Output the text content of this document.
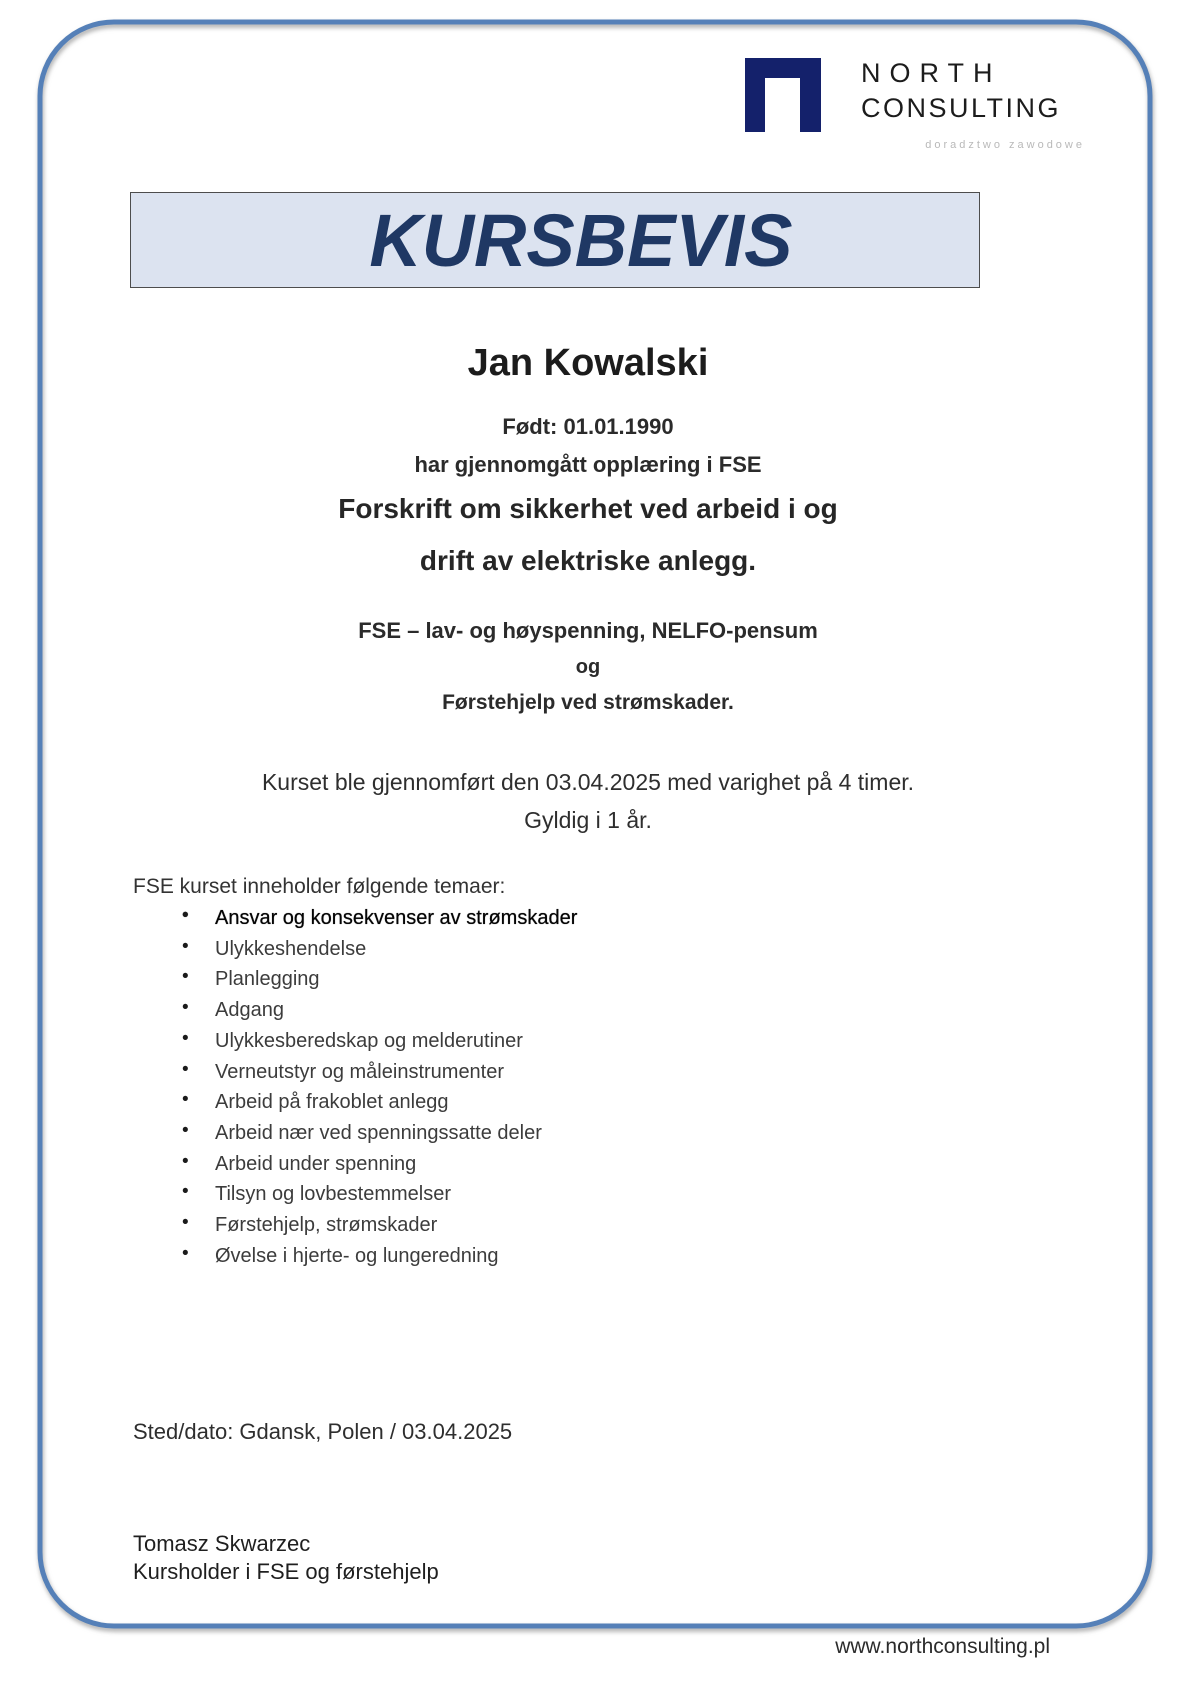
NORTH
CONSULTING
doradztwo zawodowe
KURSBEVIS
Jan Kowalski
Født: 01.01.1990
har gjennomgått opplæring i FSE
Forskrift om sikkerhet ved arbeid i og
drift av elektriske anlegg.
FSE – lav- og høyspenning, NELFO-pensum
og
Førstehjelp ved strømskader.
Kurset ble gjennomført den 03.04.2025 med varighet på 4 timer.
Gyldig i 1 år.
FSE kurset inneholder følgende temaer:
• Ansvar og konsekvenser av strømskader
• Ulykkeshendelse
• Planlegging
• Adgang
• Ulykkesberedskap og melderutiner
• Verneutstyr og måleinstrumenter
• Arbeid på frakoblet anlegg
• Arbeid nær ved spenningssatte deler
• Arbeid under spenning
• Tilsyn og lovbestemmelser
• Førstehjelp, strømskader
• Øvelse i hjerte- og lungeredning
Sted/dato: Gdansk, Polen / 03.04.2025
Tomasz Skwarzec
Kursholder i FSE og førstehjelp
www.northconsulting.pl
